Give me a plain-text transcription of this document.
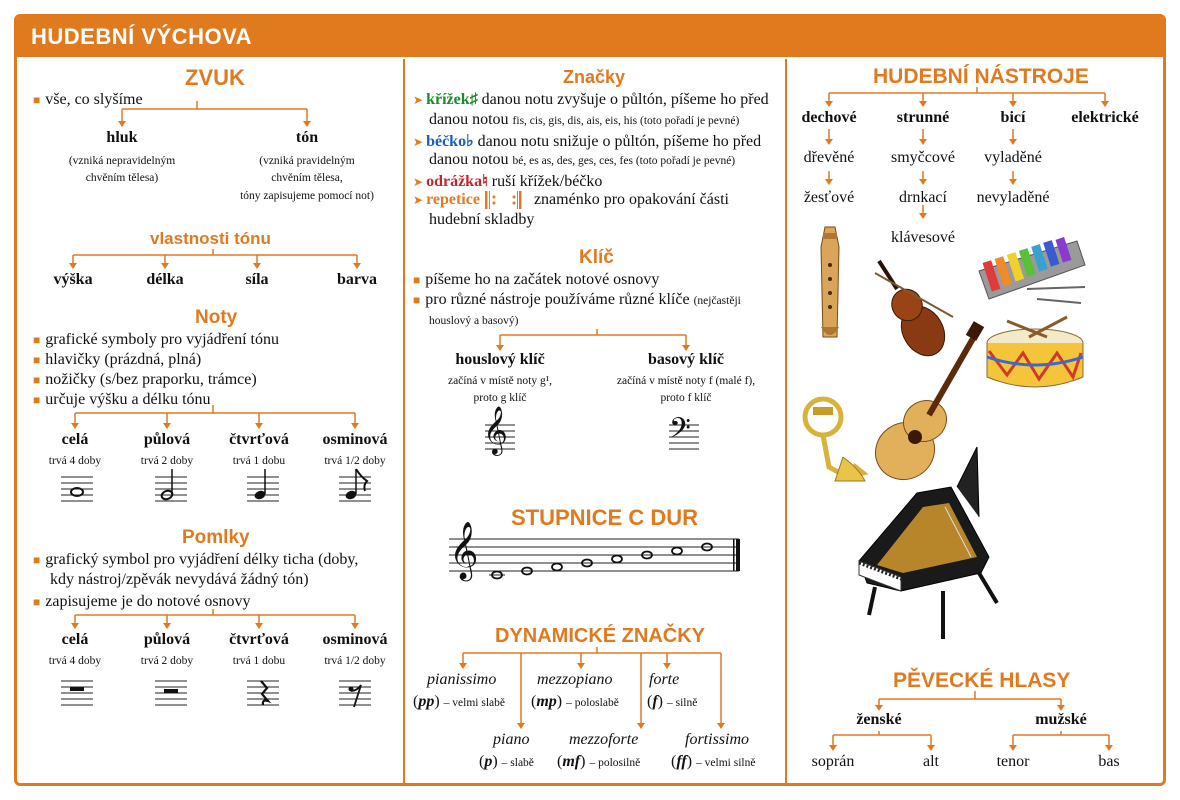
HUDEBNÍ VÝCHOVA
ZVUK
■ vše, co slyšíme
hluk
(vzniká nepravidelným
chvěním tělesa)
tón
(vzniká pravidelným
chvěním tělesa,
tóny zapisujeme pomocí not)
vlastnosti tónu
výška	délka	síla	barva
Noty
■ grafické symboly pro vyjádření tónu
■ hlavičky (prázdná, plná)
■ nožičky (s/bez praporku, trámce)
■ určuje výšku a délku tónu
celá
trvá 4 doby
půlová
trvá 2 doby
čtvrťová
trvá 1 dobu
osminová
trvá 1/2 doby
Pomlky
■ grafický symbol pro vyjádření délky ticha (doby,
kdy nástroj/zpěvák nevydává žádný tón)
■ zapisujeme je do notové osnovy
celá
trvá 4 doby
půlová
trvá 2 doby
čtvrťová
trvá 1 dobu
osminová
trvá 1/2 doby
Značky
➤ křížek♯ danou notu zvyšuje o půltón, píšeme ho před
danou notou fis, cis, gis, dis, ais, eis, his (toto pořadí je pevné)
➤ béčko♭ danou notu snižuje o půltón, píšeme ho před
danou notou bé, es as, des, ges, ces, fes (toto pořadí je pevné)
➤ odrážka♮ ruší křížek/béčko
➤ repetice	znaménko pro opakování části
hudební skladby
Klíč
■ píšeme ho na začátek notové osnovy
■ pro různé nástroje používáme různé klíče (nejčastěji
houslový a basový)
houslový klíč
začíná v místě noty g¹,
proto g klíč
basový klíč
začíná v místě noty f (malé f),
proto f klíč
𝄞	𝄢
STUPNICE C DUR
𝄞
DYNAMICKÉ ZNAČKY
pianissimo
(pp) – velmi slabě
mezzopiano
(mp) – poloslabě
forte
(f) – silně
piano
(p) – slabě
mezzoforte
(mf) – polosilně
fortissimo
(ff) – velmi silně
HUDEBNÍ NÁSTROJE
dechové
dřevěné
žesťové
strunné
smyčcové
drnkací
klávesové
bicí
vyladěné
nevyladěné
elektrické
PĚVECKÉ HLASY
ženské	mužské
soprán	alt	tenor	bas
